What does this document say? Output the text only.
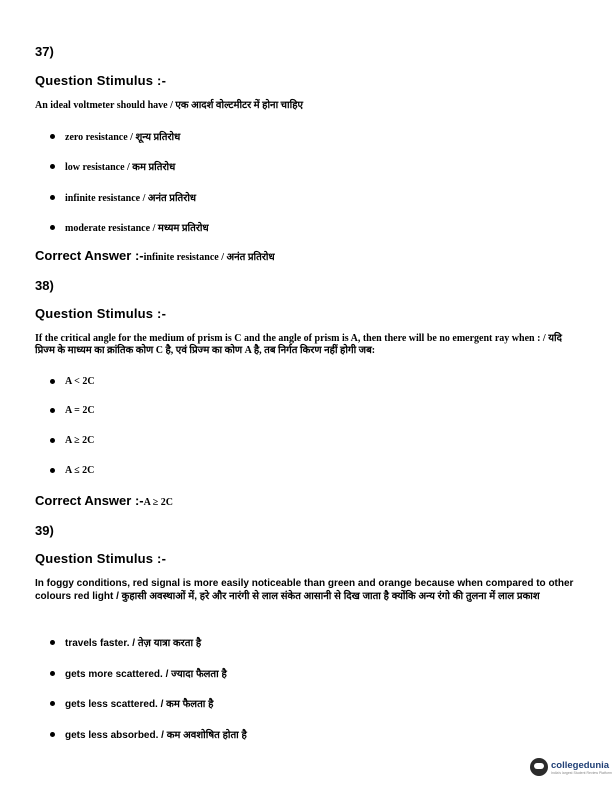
37)
Question Stimulus :-
An ideal voltmeter should have / एक आदर्श वोल्टमीटर में होना चाहिए
zero resistance / शून्य प्रतिरोध
low resistance / कम प्रतिरोध
infinite resistance / अनंत प्रतिरोध
moderate resistance / मध्यम प्रतिरोध
Correct Answer :-infinite resistance / अनंत प्रतिरोध
38)
Question Stimulus :-
If the critical angle for the medium of prism is C and the angle of prism is A, then there will be no emergent ray when : / यदि प्रिज्म के माध्यम का क्रांतिक कोण C है, एवं प्रिज्म का कोण A है, तब निर्गत किरण नहीं होगी जब:
A < 2C
A = 2C
A ≥ 2C
A ≤ 2C
Correct Answer :-A ≥ 2C
39)
Question Stimulus :-
In foggy conditions, red signal is more easily noticeable than green and orange because when compared to other colours red light / कुहासी अवस्थाओं में, हरे और नारंगी से लाल संकेत आसानी से दिख जाता है क्योंकि अन्य रंगो की तुलना में लाल प्रकाश
travels faster. / तेज़ यात्रा करता है
gets more scattered. / ज्यादा फैलता है
gets less scattered. / कम फैलता है
gets less absorbed. / कम अवशोषित होता है
collegedunia
India's largest Student Review Platform
